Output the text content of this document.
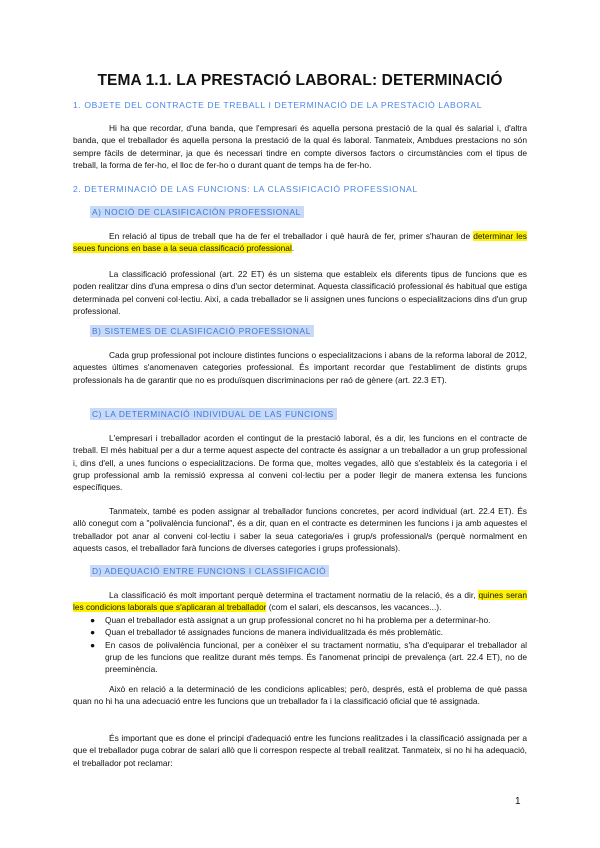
TEMA 1.1. LA PRESTACIÓ LABORAL: DETERMINACIÓ
1. OBJETE DEL CONTRACTE DE TREBALL I DETERMINACIÓ DE LA PRESTACIÓ LABORAL

Hi ha que recordar, d'una banda, que l'empresari és aquella persona prestació de la qual és salarial i, d'altra banda, que el treballador és aquella persona la prestació de la qual és laboral. Tanmateix, Ambdues prestacions no són sempre fàcils de determinar, ja que és necessari tindre en compte diversos factors o circumstàncies com el tipus de treball, la forma de fer-ho, el lloc de fer-ho o durant quant de temps ha de fer-ho.

2. DETERMINACIÓ DE LAS FUNCIONS: LA CLASSIFICACIÓ PROFESSIONAL
A) NOCIÓ DE CLASIFICACIÓN PROFESSIONAL

En relació al tipus de treball que ha de fer el treballador i què haurà de fer, primer s'hauran de determinar les seues funcions en base a la seua classificació professional.

La classificació professional (art. 22 ET) és un sistema que estableix els diferents tipus de funcions que es poden realitzar dins d'una empresa o dins d'un sector determinat. Aquesta classificació professional és habitual que estiga determinada pel conveni col·lectiu. Així, a cada treballador se li assignen unes funcions o especialitzacions dins d'un grup professional.

B) SISTEMES DE CLASIFICACIÓ PROFESSIONAL

Cada grup professional pot incloure distintes funcions o especialitzacions i abans de la reforma laboral de 2012, aquestes últimes s'anomenaven categories professional. És important recordar que l'establiment de distints grups professionals ha de garantir que no es produïsquen discriminacions per raó de gènere (art. 22.3 ET).

C) LA DETERMINACIÓ INDIVIDUAL DE LAS FUNCIONS

L'empresari i treballador acorden el contingut de la prestació laboral, és a dir, les funcions en el contracte de treball. El més habitual per a dur a terme aquest aspecte del contracte és assignar a un treballador a un grup professional i, dins d'ell, a unes funcions o especialitzacions. De forma que, moltes vegades, allò que s'estableix és la categoria i el grup professional amb la remissió expressa al conveni col·lectiu per a poder llegir de manera extensa les funcions específiques.

Tanmateix, també es poden assignar al treballador funcions concretes, per acord individual (art. 22.4 ET). És allò conegut com a "polivalència funcional", és a dir, quan en el contracte es determinen les funcions i ja amb aquestes el treballador pot anar al conveni col·lectiu i saber la seua categoria/es i grup/s professional/s (perquè normalment en aquests casos, el treballador farà funcions de diverses categories i grups professionals).

D) ADEQUACIÓ ENTRE FUNCIONS I CLASSIFICACIÓ

La classificació és molt important perquè determina el tractament normatiu de la relació, és a dir, quines seran les condicions laborals que s'aplicaran al treballador (com el salari, els descansos, les vacances...).

● Quan el treballador està assignat a un grup professional concret no hi ha problema per a determinar-ho.
● Quan el treballador té assignades funcions de manera individualitzada és més problemàtic.
● En casos de polivalència funcional, per a conèixer el su tractament normatiu, s'ha d'equiparar el treballador al grup de les funcions que realitze durant més temps. És l'anomenat principi de prevalença (art. 22.4 ET), no de preeminència.

Això en relació a la determinació de les condicions aplicables; però, després, està el problema de què passa quan no hi ha una adecuació entre les funcions que un treballador fa i la classificació oficial que té assignada.

És important que es done el principi d'adequació entre les funcions realitzades i la classificació assignada per a que el treballador puga cobrar de salari allò que li correspon respecte al treball realitzat. Tanmateix, si no hi ha adequació, el treballador pot reclamar:

1
